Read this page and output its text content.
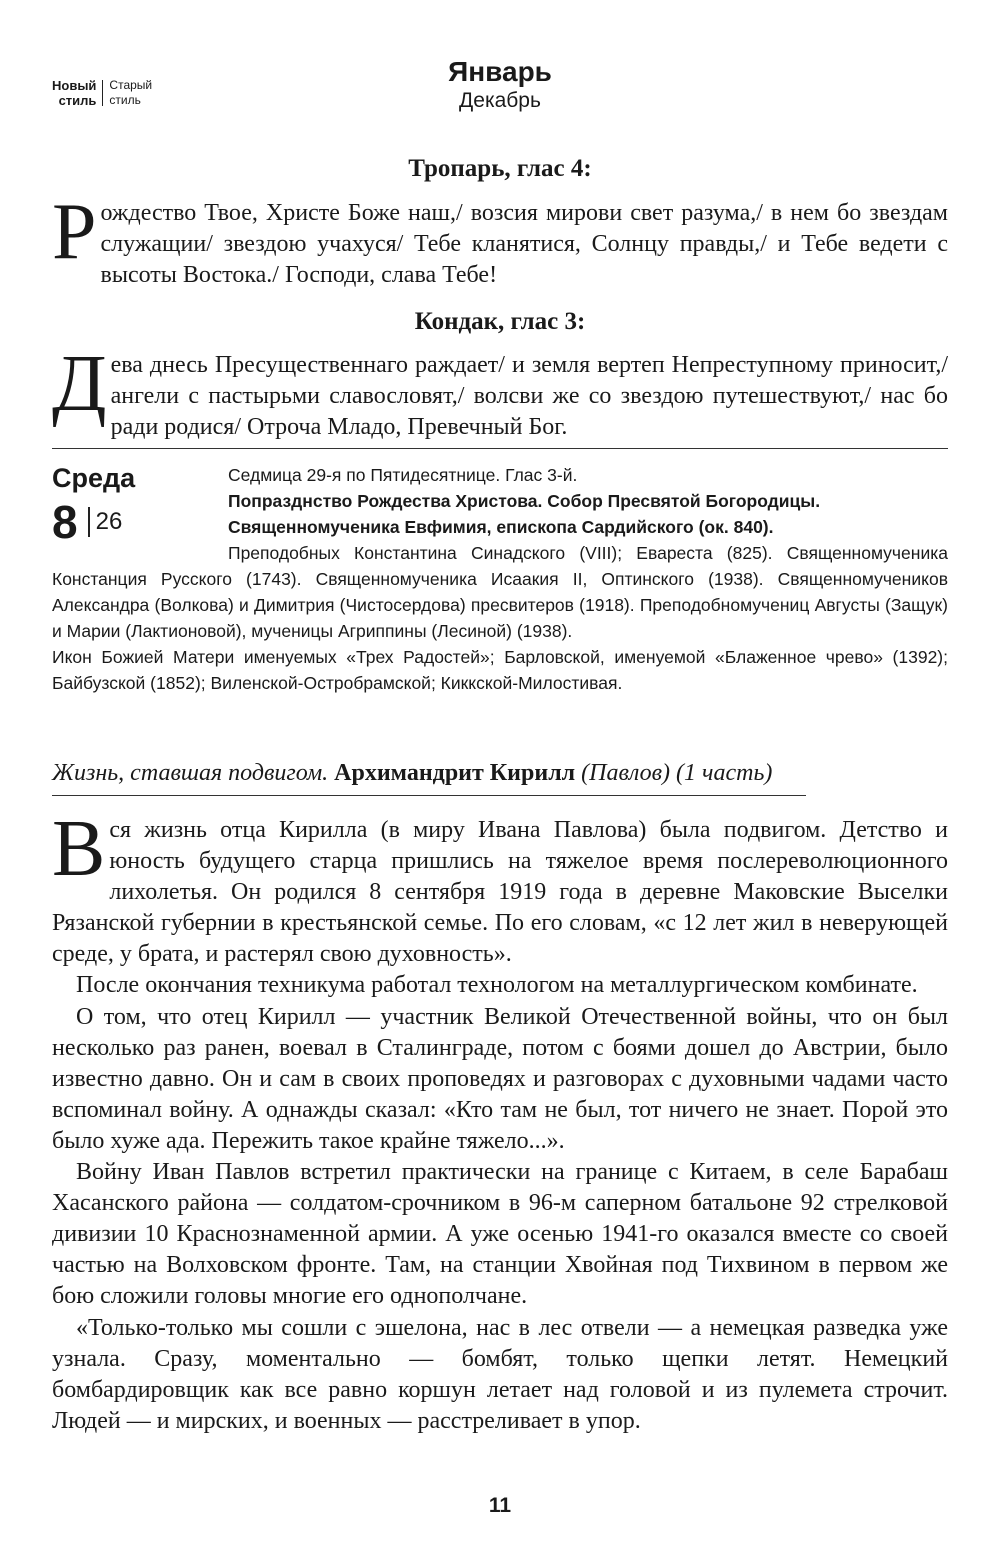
Новый
стиль
Старый
стиль
Январь
Декабрь
Тропарь, глас 4:
Рождество Твое, Христе Боже наш,/ возсия мирови свет разума,/ в нем бо звездам служащии/ звездою учахуся/ Тебе кланятися, Солнцу правды,/ и Тебе ведети с высоты Востока./ Господи, слава Тебе!
Кондак, глас 3:
Дева днесь Пресущественнаго раждает/ и земля вертеп Непреступному приносит,/ ангели с пастырьми славословят,/ волсви же со звездою путешествуют,/ нас бо ради родися/ Отроча Младо, Превечный Бог.
Среда
8 26
Седмица 29-я по Пятидесятнице. Глас 3-й.
Попразднство Рождества Христова. Собор Пресвятой Богородицы.
Священномученика Евфимия, епископа Сардийского (ок. 840).
Преподобных Константина Синадского (VIII); Евареста (825). Священномученика Констанция Русского (1743). Священномученика Исаакия II, Оптинского (1938). Священномучеников Александра (Волкова) и Димитрия (Чистосердова) пресвитеров (1918). Преподобномучениц Августы (Защук) и Марии (Лактионовой), мученицы Агриппины (Лесиной) (1938).
Икон Божией Матери именуемых «Трех Радостей»; Барловской, именуемой «Блаженное чрево» (1392); Байбузской (1852); Виленской-Остробрамской; Киккской-Милостивая.
Жизнь, ставшая подвигом. Архимандрит Кирилл (Павлов) (1 часть)

Вся жизнь отца Кирилла (в миру Ивана Павлова) была подвигом. Детство и юность будущего старца пришлись на тяжелое время послереволюционного лихолетья. Он родился 8 сентября 1919 года в деревне Маковские Выселки Рязанской губернии в крестьянской семье. По его словам, «с 12 лет жил в неверующей среде, у брата, и растерял свою духовность».

После окончания техникума работал технологом на металлургическом комбинате.

О том, что отец Кирилл — участник Великой Отечественной войны, что он был несколько раз ранен, воевал в Сталинграде, потом с боями дошел до Австрии, было известно давно. Он и сам в своих проповедях и разговорах с духовными чадами часто вспоминал войну. А однажды сказал: «Кто там не был, тот ничего не знает. Порой это было хуже ада. Пережить такое крайне тяжело...».

Войну Иван Павлов встретил практически на границе с Китаем, в селе Барабаш Хасанского района — солдатом-срочником в 96-м саперном батальоне 92 стрелковой дивизии 10 Краснознаменной армии. А уже осенью 1941-го оказался вместе со своей частью на Волховском фронте. Там, на станции Хвойная под Тихвином в первом же бою сложили головы многие его однополчане.

«Только-только мы сошли с эшелона, нас в лес отвели — а немецкая разведка уже узнала. Сразу, моментально — бомбят, только щепки летят. Немецкий бомбардировщик как все равно коршун летает над головой и из пулемета строчит. Людей — и мирских, и военных — расстреливает в упор.

11
